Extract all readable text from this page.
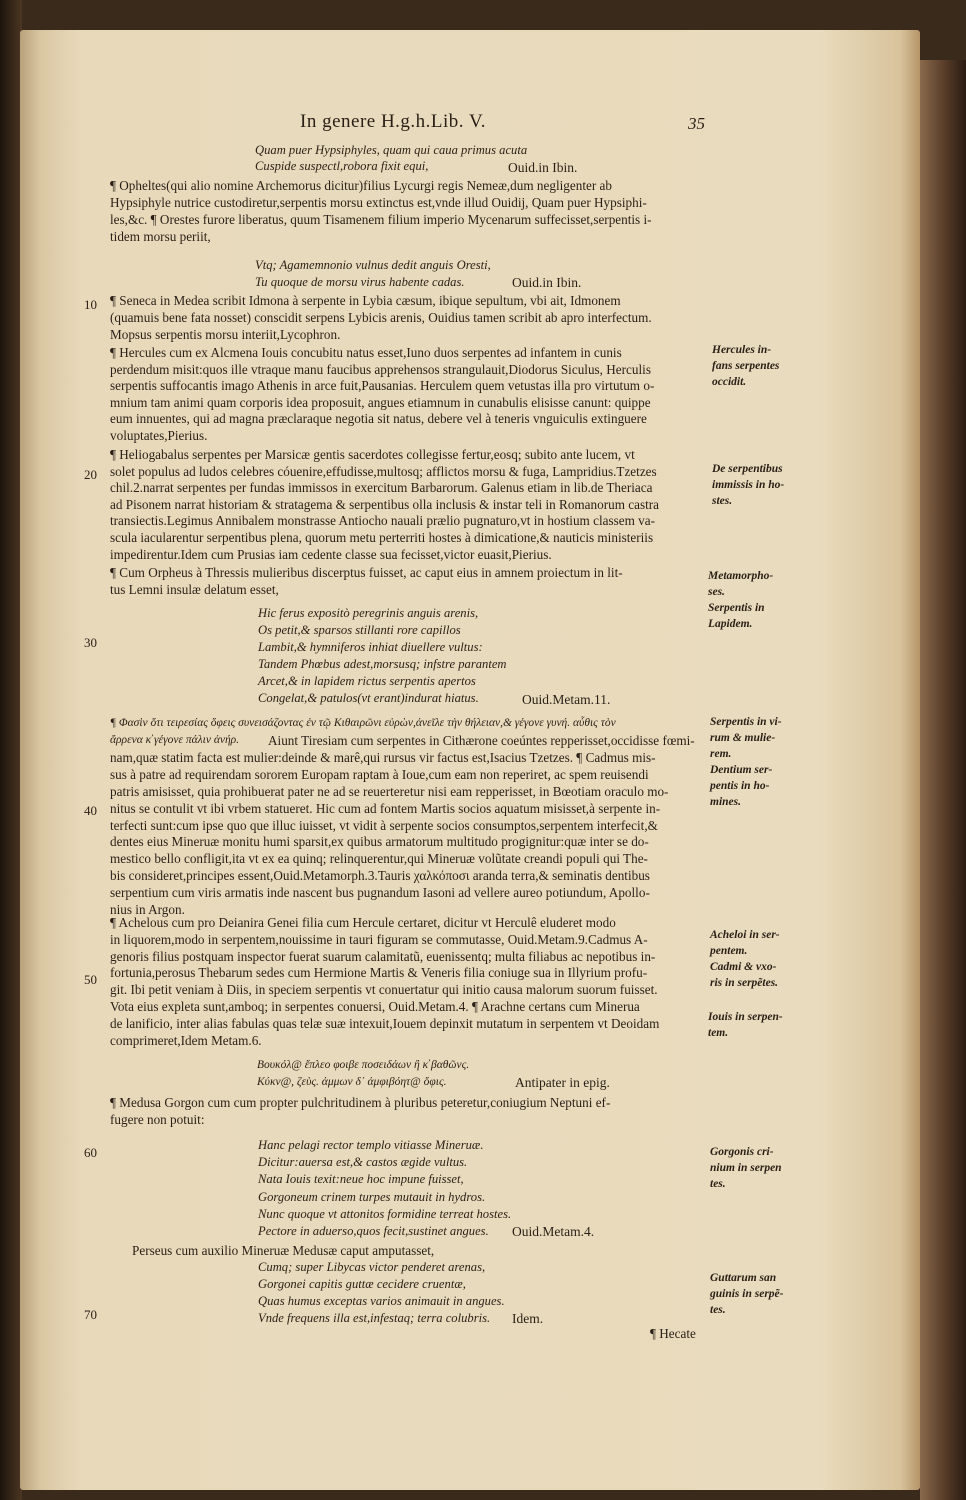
In genere H.g.h.Lib. V.	35
Quam puer Hypsiphyles, quam qui caua primus acuta
Cuspide suspectl,robora fixit equi,	Ouid.in Ibin.
¶ Opheltes(qui alio nomine Archemorus dicitur)filius Lycurgi regis Nemeæ,dum negligenter ab
Hypsiphyle nutrice custodiretur,serpentis morsu extinctus est,vnde illud Ouidij, Quam puer Hypsiphi-
les,&c. ¶ Orestes furore liberatus, quum Tisamenem filium imperio Mycenarum suffecisset,serpentis i-
tidem morsu periit,
Vtq; Agamemnonio vulnus dedit anguis Oresti,
Tu quoque de morsu virus habente cadas.	Ouid.in Ibin.
¶ Seneca in Medea scribit Idmona à serpente in Lybia cæsum, ibique sepultum, vbi ait, Idmonem
(quamuis bene fata nosset) conscidit serpens Lybicis arenis, Ouidius tamen scribit ab apro interfectum.
Mopsus serpentis morsu interiit,Lycophron.
¶ Hercules cum ex Alcmena Iouis concubitu natus esset,Iuno duos serpentes ad infantem in cunis
perdendum misit:quos ille vtraque manu faucibus apprehensos strangulauit,Diodorus Siculus, Herculis
serpentis suffocantis imago Athenis in arce fuit,Pausanias. Herculem quem vetustas illa pro virtutum o-
mnium tam animi quam corporis idea proposuit, angues etiamnum in cunabulis elisisse canunt: quippe
eum innuentes, qui ad magna præclaraque negotia sit natus, debere vel à teneris vnguiculis extinguere
voluptates,Pierius.
¶ Heliogabalus serpentes per Marsicæ gentis sacerdotes collegisse fertur,eosq; subito ante lucem, vt
solet populus ad ludos celebres cóuenire,effudisse,multosq; afflictos morsu & fuga, Lampridius.Tzetzes
chil.2.narrat serpentes per fundas immissos in exercitum Barbarorum. Galenus etiam in lib.de Theriaca
ad Pisonem narrat historiam & stratagema & serpentibus olla inclusis & instar teli in Romanorum castra
transiectis.Legimus Annibalem monstrasse Antiocho nauali prælio pugnaturo,vt in hostium classem va-
scula iacularentur serpentibus plena, quorum metu perterriti hostes à dimicatione,& nauticis ministeriis
impedirentur.Idem cum Prusias iam cedente classe sua fecisset,victor euasit,Pierius.
¶ Cum Orpheus à Thressis mulieribus discerptus fuisset, ac caput eius in amnem proiectum in lit-
tus Lemni insulæ delatum esset,
Hic ferus expositò peregrinis anguis arenis,
Os petit,& sparsos stillanti rore capillos
Lambit,& hymniferos inhiat diuellere vultus:
Tandem Phœbus adest,morsusq; infstre parantem
Arcet,& in lapidem rictus serpentis apertos
Congelat,& patulos(vt erant)indurat hiatus.	Ouid.Metam.11.
¶ Φασὶν ὅτι τειρεσίας ὄφεις συνεισάζοντας ἐν τῷ Κιθαιρῶνι εὑρὼν,ἀνεῖλε τὴν θήλειαν,& γέγονε γυνή. αὖθις τὸν
ἄρρενα κ̓ γέγονε πάλιν ἀνήρ. Aiunt Tiresiam cum serpentes in Cithærone coeúntes repperisset,occidisse fœmi-
nam,quæ statim facta est mulier:deinde & marê,qui rursus vir factus est,Isacius Tzetzes. ¶ Cadmus mis-
sus à patre ad requirendam sororem Europam raptam à Ioue,cum eam non reperiret, ac spem reuisendi
patris amisisset, quia prohibuerat pater ne ad se reuerteretur nisi eam repperisset, in Bœotiam oraculo mo-
nitus se contulit vt ibi vrbem statueret. Hic cum ad fontem Martis socios aquatum misisset,à serpente in-
terfecti sunt:cum ipse quo que illuc iuisset, vt vidit à serpente socios consumptos,serpentem interfecit,&
dentes eius Mineruæ monitu humi sparsit,ex quibus armatorum multitudo progignitur:quæ inter se do-
mestico bello confligit,ita vt ex ea quinq; relinquerentur,qui Mineruæ volũtate creandi populi qui The-
bis consideret,principes essent,Ouid.Metamorph.3.Tauris χαλκόποσι aranda terra,& seminatis dentibus
serpentium cum viris armatis inde nascent bus pugnandum Iasoni ad vellere aureo potiundum, Apollo-
nius in Argon.
¶ Achelous cum pro Deianira Genei filia cum Hercule certaret, dicitur vt Herculê eluderet modo
in liquorem,modo in serpentem,nouissime in tauri figuram se commutasse, Ouid.Metam.9.Cadmus A-
genoris filius postquam inspector fuerat suarum calamitatũ, euenissentq; multa filiabus ac nepotibus in-
fortunia,perosus Thebarum sedes cum Hermione Martis & Veneris filia coniuge sua in Illyrium profu-
git. Ibi petit veniam à Diis, in speciem serpentis vt conuertatur qui initio causa malorum suorum fuisset.
Vota eius expleta sunt,amboq; in serpentes conuersi, Ouid.Metam.4. ¶ Arachne certans cum Minerua
de lanificio, inter alias fabulas quas telæ suæ intexuit,Iouem depinxit mutatum in serpentem vt Deoidam
comprimeret,Idem Metam.6.
Βουκόλ@ ἔπλεο φοιβε ποσειδάων ἢ κ̓ βαθῶνς.
Κύκν@, ζεὺς. ἀμμων δ᾽ ἀμφιβόητ@ ὄφις.	Antipater in epig.
¶ Medusa Gorgon cum cum propter pulchritudinem à pluribus peteretur,coniugium Neptuni ef-
fugere non potuit:
Hanc pelagi rector templo vitiasse Mineruæ.
Dicitur:auersa est,& castos ægide vultus.
Nata Iouis texit:neue hoc impune fuisset,
Gorgoneum crinem turpes mutauit in hydros.
Nunc quoque vt attonitos formidine terreat hostes.
Pectore in aduerso,quos fecit,sustinet angues. Ouid.Metam.4.
Perseus cum auxilio Mineruæ Medusæ caput amputasset,
Cumq; super Libycas victor penderet arenas,
Gorgonei capitis guttæ cecidere cruentæ,
Quas humus exceptas varios animauit in angues.
Vnde frequens illa est,infestaq; terra colubris. Idem.
¶ Hecate
10
20
30
40
50
60
70
Hercules in-
fans serpentes
occidit.
De serpentibus
immissis in ho-
stes.
Metamorpho-
ses.
Serpentis in
Lapidem.
Serpentis in vi-
rum & mulie-
rem.
Dentium ser-
pentis in ho-
mines.
Acheloi in ser-
pentem.
Cadmi & vxo-
ris in serpẽtes.
Iouis in serpen-
tem.
Gorgonis cri-
nium in serpen
tes.
Guttarum san
guinis in serpẽ-
tes.
